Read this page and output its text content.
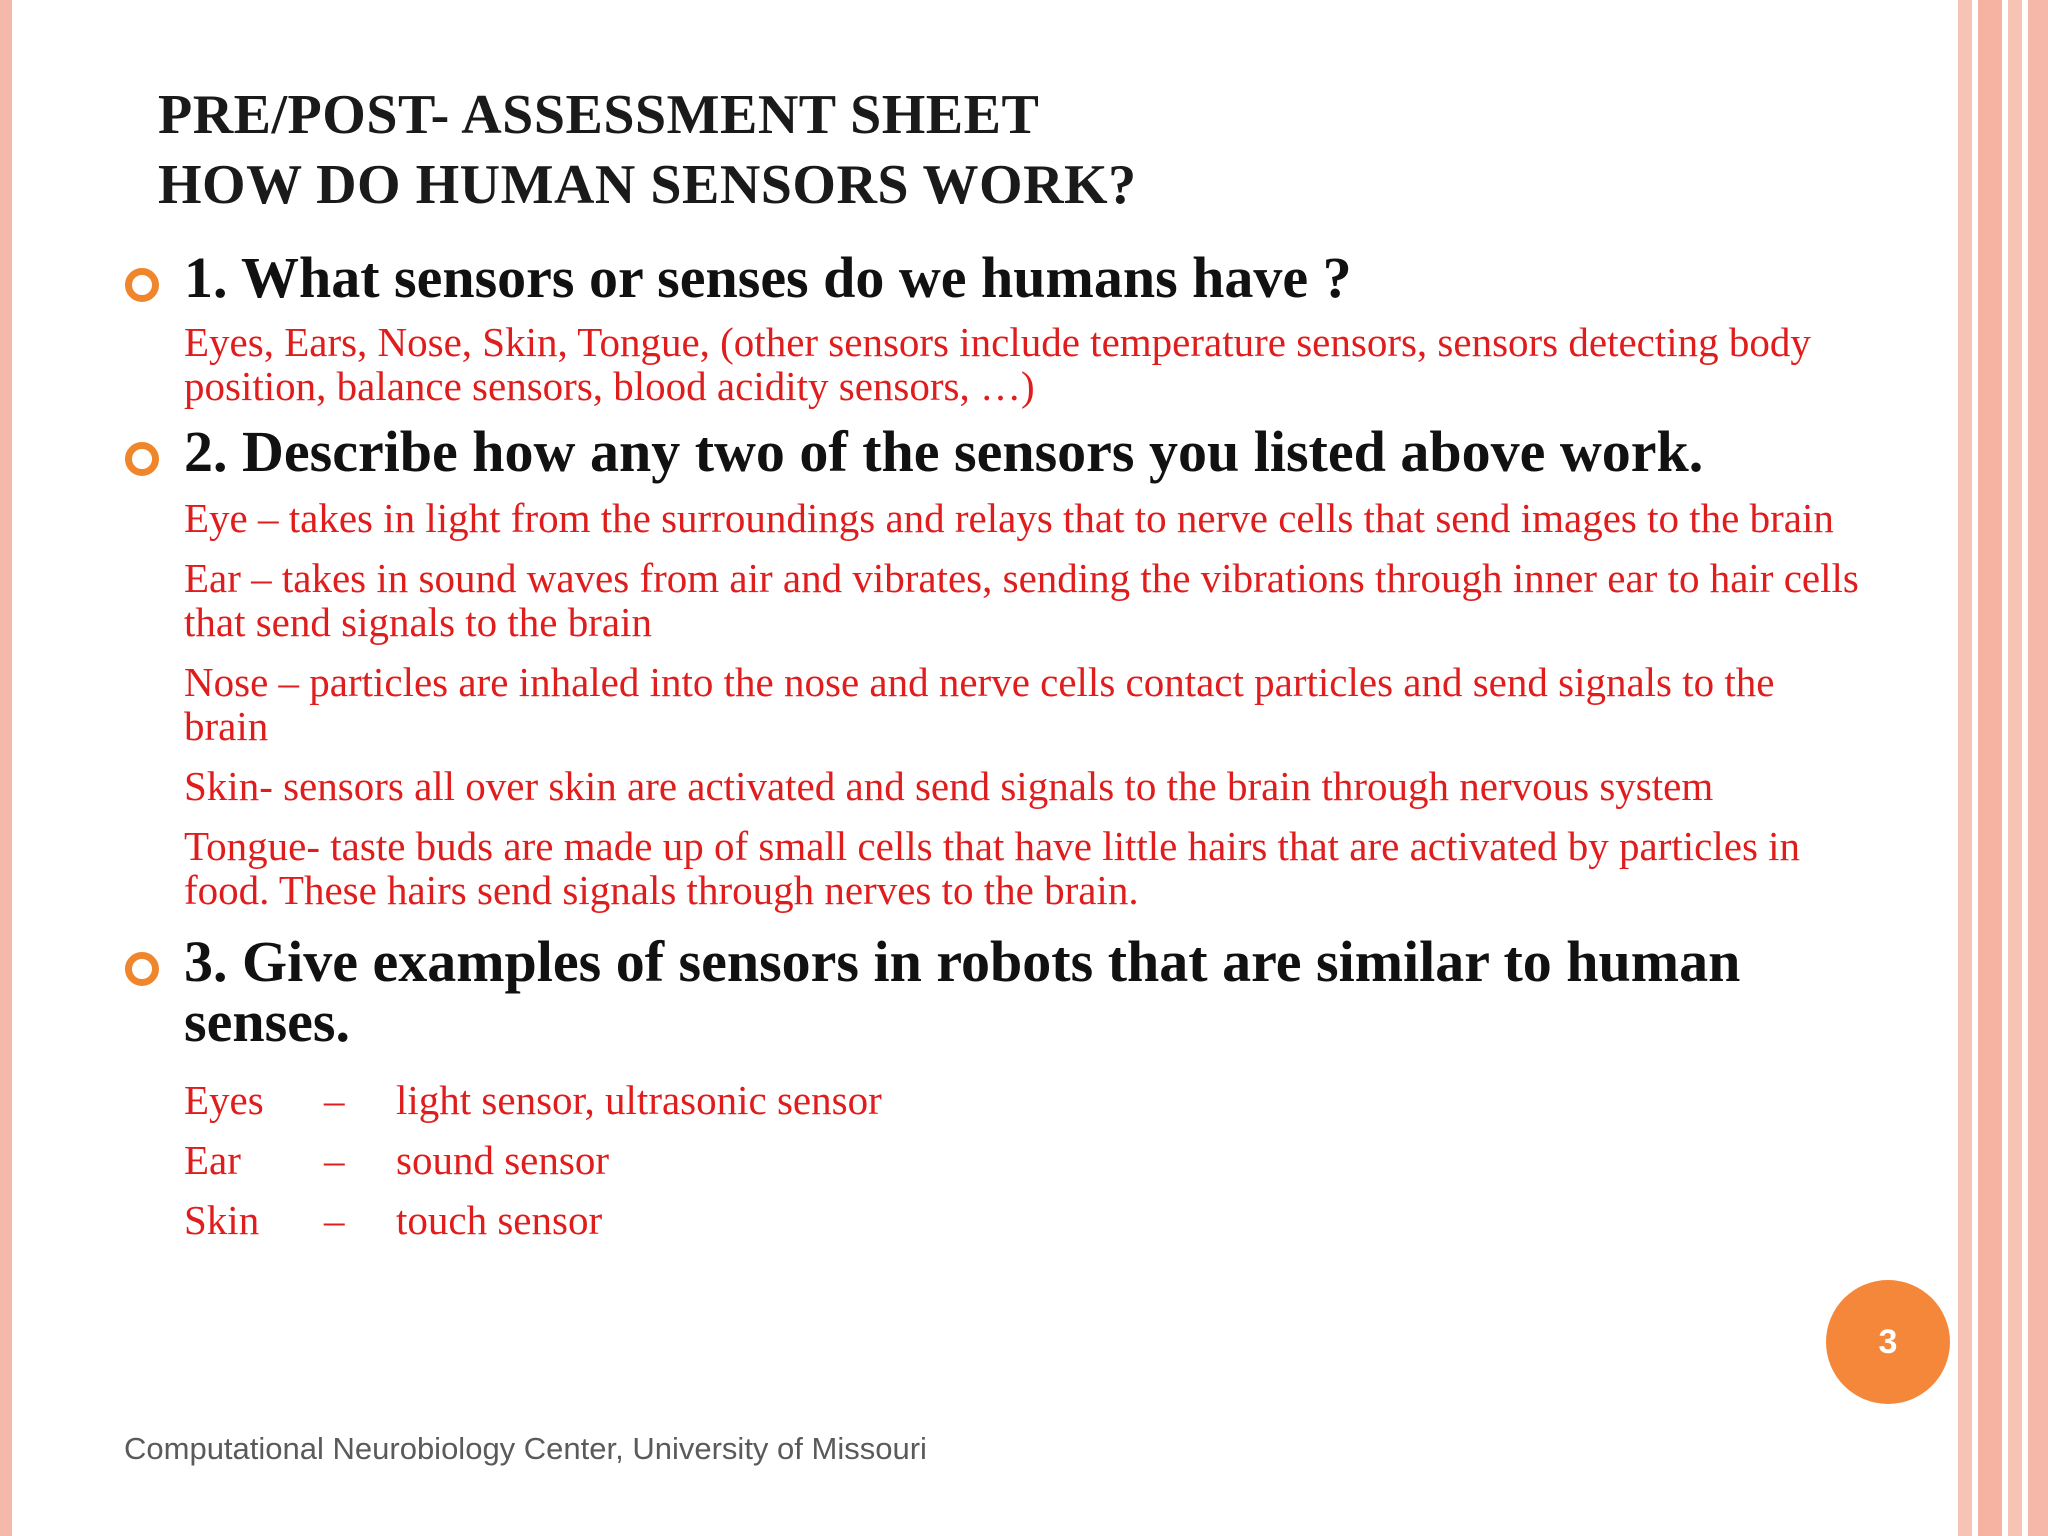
PRE/POST- ASSESSMENT SHEET
HOW DO HUMAN SENSORS WORK?
1. What sensors or senses do we humans have ?
Eyes, Ears, Nose, Skin, Tongue, (other sensors include temperature sensors, sensors detecting body position, balance sensors, blood acidity sensors, …)
2. Describe how any two of the sensors you listed above work.
Eye – takes in light from the surroundings and relays that to nerve cells that send images to the brain
Ear – takes in sound waves from air and vibrates, sending the vibrations through inner ear to hair cells that send signals to the brain
Nose – particles are inhaled into the nose and nerve cells contact particles and send signals to the brain
Skin- sensors all over skin are activated and send signals to the brain through nervous system
Tongue- taste buds are made up of small cells that have little hairs that are activated by particles in food. These hairs send signals through nerves to the brain.
3. Give examples of sensors in robots that are similar to human senses.
Eyes	–	light sensor, ultrasonic sensor
Ear	–	sound sensor
Skin	–	touch sensor
3
Computational Neurobiology Center, University of Missouri
